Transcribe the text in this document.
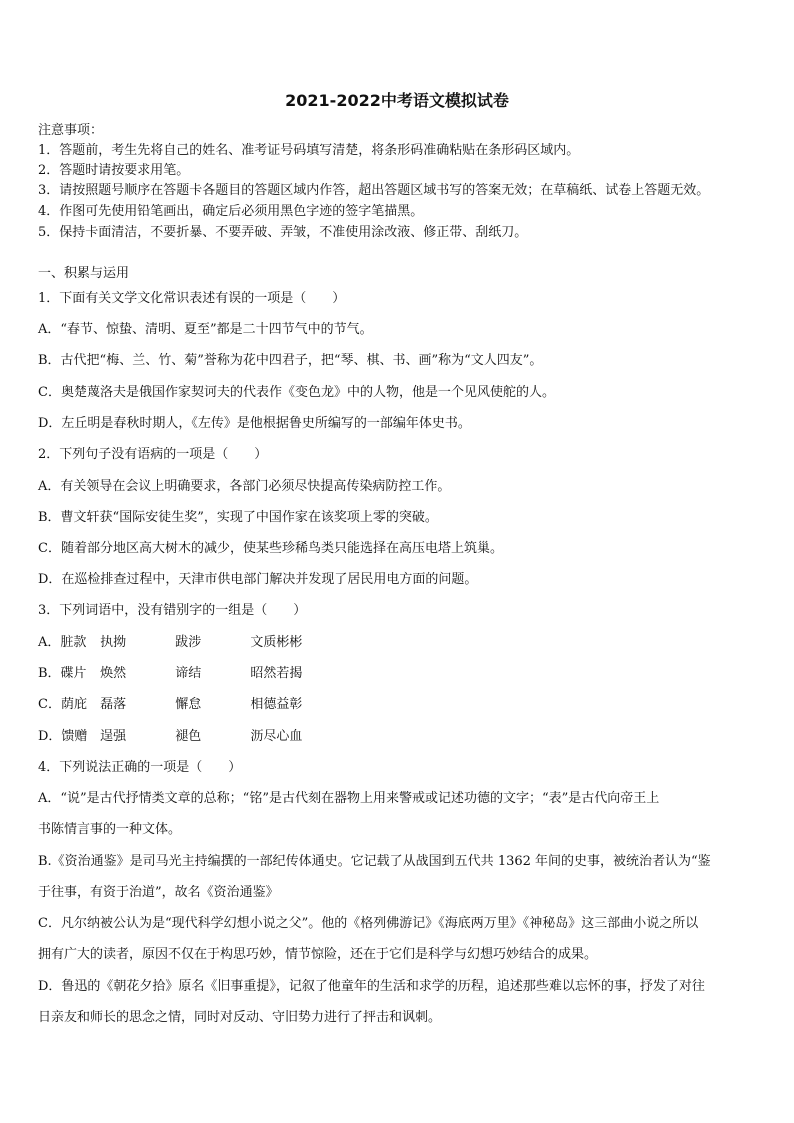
2021-2022中考语文模拟试卷
注意事项：
1．答题前，考生先将自己的姓名、准考证号码填写清楚，将条形码准确粘贴在条形码区域内。
2．答题时请按要求用笔。
3．请按照题号顺序在答题卡各题目的答题区域内作答，超出答题区域书写的答案无效；在草稿纸、试卷上答题无效。
4．作图可先使用铅笔画出，确定后必须用黑色字迹的签字笔描黑。
5．保持卡面清洁，不要折暴、不要弄破、弄皱，不准使用涂改液、修正带、刮纸刀。
一、积累与运用
1．下面有关文学文化常识表述有误的一项是（　　）
A．“春节、惊蛰、清明、夏至”都是二十四节气中的节气。
B．古代把“梅、兰、竹、菊”誉称为花中四君子，把“琴、棋、书、画”称为“文人四友”。
C．奥楚蔑洛夫是俄国作家契诃夫的代表作《变色龙》中的人物，他是一个见风使舵的人。
D．左丘明是春秋时期人，《左传》是他根据鲁史所编写的一部编年体史书。
2．下列句子没有语病的一项是（　　）
A．有关领导在会议上明确要求，各部门必须尽快提高传染病防控工作。
B．曹文轩获“国际安徒生奖”，实现了中国作家在该奖项上零的突破。
C．随着部分地区高大树木的减少，使某些珍稀鸟类只能选择在高压电塔上筑巢。
D．在巡检排查过程中，天津市供电部门解决并发现了居民用电方面的问题。
3．下列词语中，没有错别字的一组是（　　）
A．脏款 执拗	跋涉	文质彬彬
B．碟片 焕然	谛结	昭然若揭
C．荫庇 磊落	懈怠	相德益彰
D．馈赠 逞强	褪色	沥尽心血
4．下列说法正确的一项是（　　）
A．“说”是古代抒情类文章的总称；“铭”是古代刻在器物上用来警戒或记述功德的文字；“表”是古代向帝王上
书陈情言事的一种文体。
B.《资治通鉴》是司马光主持编撰的一部纪传体通史。它记载了从战国到五代共 1362 年间的史事，被统治者认为“鉴
于往事，有资于治道”，故名《资治通鉴》
C．凡尔纳被公认为是“现代科学幻想小说之父”。他的《格列佛游记》《海底两万里》《神秘岛》这三部曲小说之所以
拥有广大的读者，原因不仅在于构思巧妙，情节惊险，还在于它们是科学与幻想巧妙结合的成果。
D．鲁迅的《朝花夕拾》原名《旧事重提》，记叙了他童年的生活和求学的历程，追述那些难以忘怀的事，抒发了对往
日亲友和师长的思念之情，同时对反动、守旧势力进行了抨击和讽刺。
